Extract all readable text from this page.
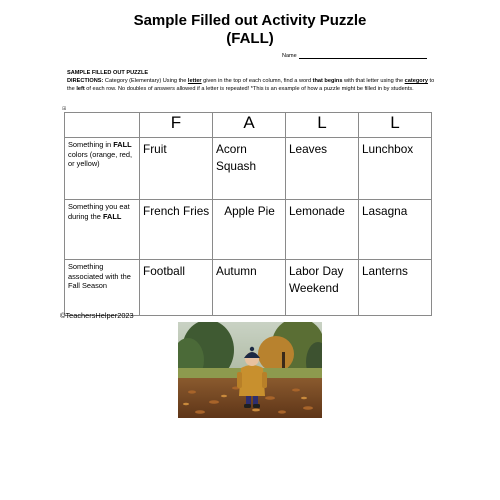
Sample Filled out Activity Puzzle
(FALL)
Name
SAMPLE FILLED OUT PUZZLE
DIRECTIONS: Category (Elementary) Using the letter given in the top of each column, find a word that begins with that letter using the category to the left of each row. No doubles of answers allowed if a letter is repeated! *This is an example of how a puzzle might be filled in by students.
⊞
	F	A	L	L
Something in FALL colors (orange, red, or yellow)	Fruit	Acorn Squash	Leaves	Lunchbox
Something you eat during the FALL	French Fries	Apple Pie	Lemonade	Lasagna
Something associated with the Fall Season	Football	Autumn	Labor Day Weekend	Lanterns
©TeachersHelper2023
